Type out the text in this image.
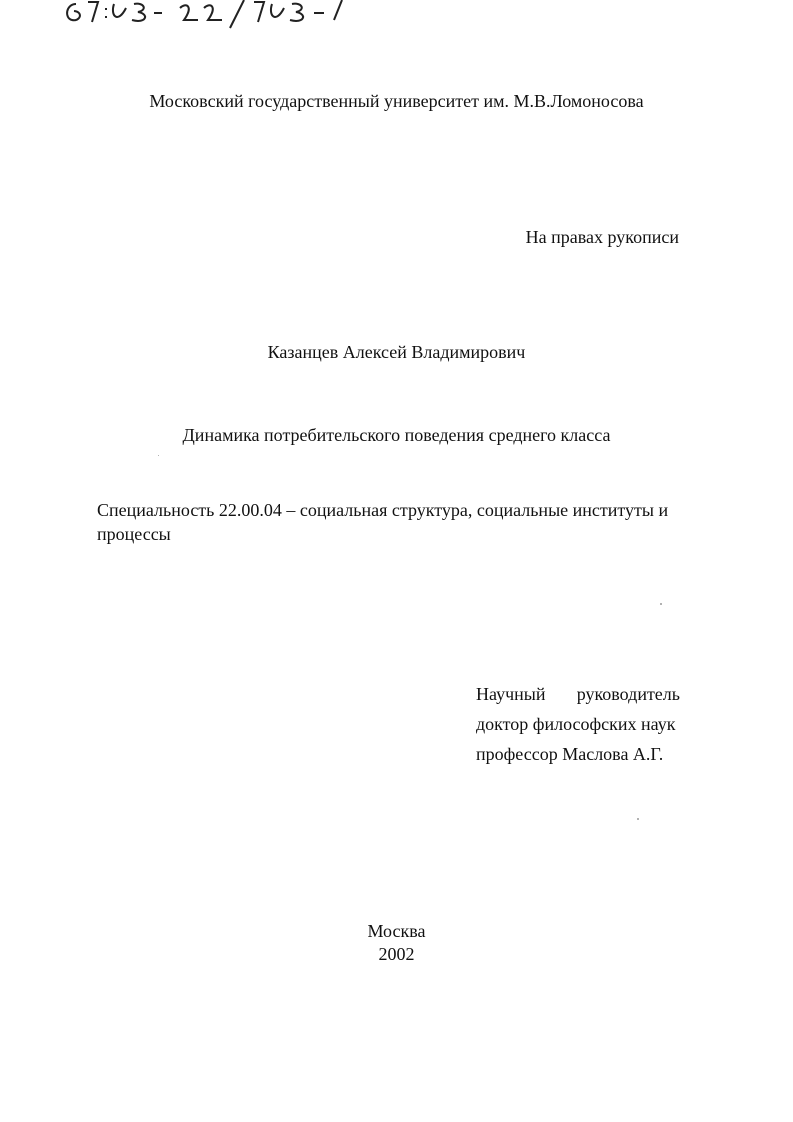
Московский государственный университет им. М.В.Ломоносова
На правах рукописи
Казанцев Алексей Владимирович
Динамика потребительского поведения среднего класса
Специальность 22.00.04 – социальная структура, социальные институты и процессы
Научный руководитель
доктор философских наук
профессор Маслова А.Г.
Москва
2002
